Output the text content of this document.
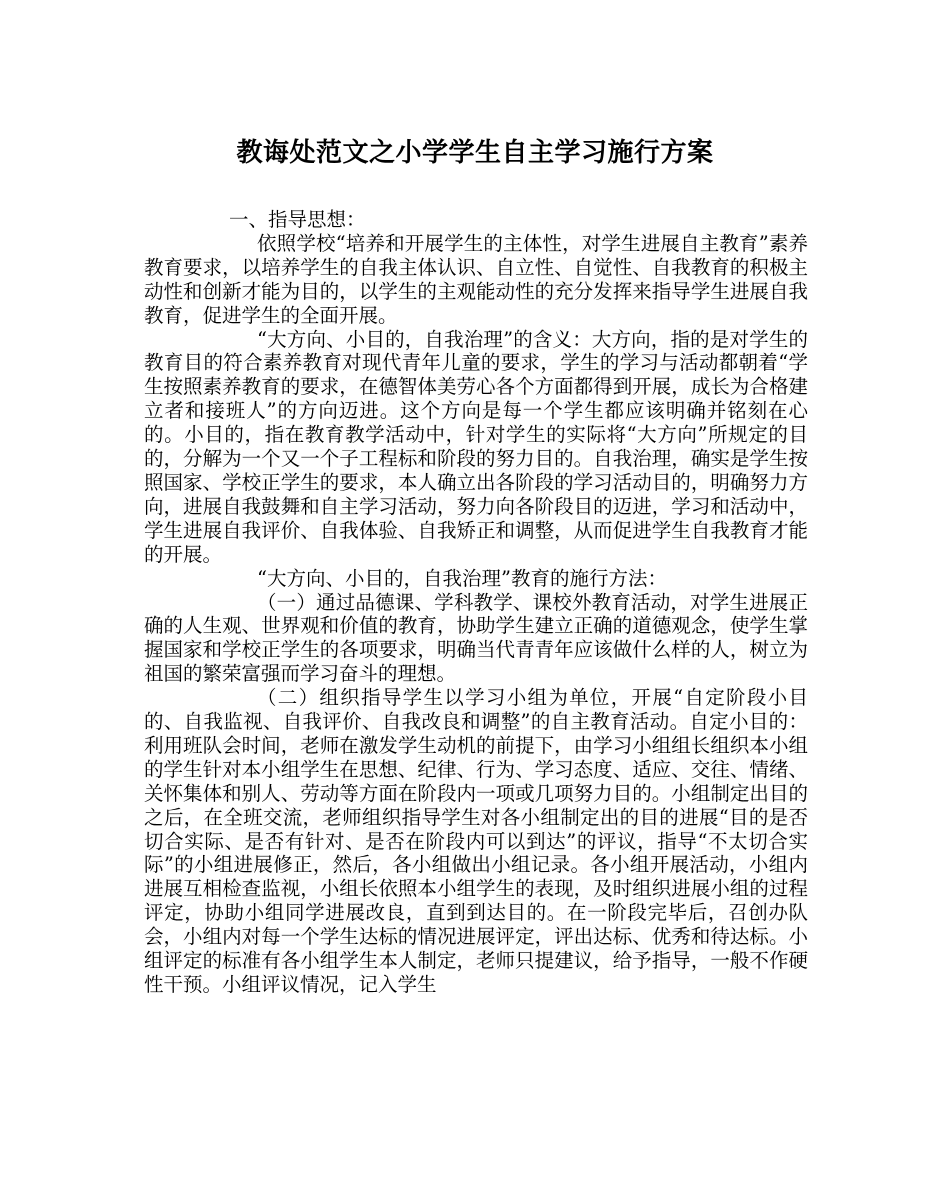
教诲处范文之小学学生自主学习施行方案

一、指导思想：

依照学校“培养和开展学生的主体性，对学生进展自主教育”素养教育要求，以培养学生的自我主体认识、自立性、自觉性、自我教育的积极主动性和创新才能为目的，以学生的主观能动性的充分发挥来指导学生进展自我教育，促进学生的全面开展。

“大方向、小目的，自我治理”的含义：大方向，指的是对学生的教育目的符合素养教育对现代青年儿童的要求，学生的学习与活动都朝着“学生按照素养教育的要求，在德智体美劳心各个方面都得到开展，成长为合格建立者和接班人”的方向迈进。这个方向是每一个学生都应该明确并铭刻在心的。小目的，指在教育教学活动中，针对学生的实际将“大方向”所规定的目的，分解为一个又一个子工程标和阶段的努力目的。自我治理，确实是学生按照国家、学校正学生的要求，本人确立出各阶段的学习活动目的，明确努力方向，进展自我鼓舞和自主学习活动，努力向各阶段目的迈进，学习和活动中，学生进展自我评价、自我体验、自我矫正和调整，从而促进学生自我教育才能的开展。

“大方向、小目的，自我治理”教育的施行方法：

（一）通过品德课、学科教学、课校外教育活动，对学生进展正确的人生观、世界观和价值的教育，协助学生建立正确的道德观念，使学生掌握国家和学校正学生的各项要求，明确当代青青年应该做什么样的人，树立为祖国的繁荣富强而学习奋斗的理想。

（二）组织指导学生以学习小组为单位，开展“自定阶段小目的、自我监视、自我评价、自我改良和调整”的自主教育活动。自定小目的：利用班队会时间，老师在激发学生动机的前提下，由学习小组组长组织本小组的学生针对本小组学生在思想、纪律、行为、学习态度、适应、交往、情绪、关怀集体和别人、劳动等方面在阶段内一项或几项努力目的。小组制定出目的之后，在全班交流，老师组织指导学生对各小组制定出的目的进展“目的是否切合实际、是否有针对、是否在阶段内可以到达”的评议，指导“不太切合实际”的小组进展修正，然后，各小组做出小组记录。各小组开展活动，小组内进展互相检查监视，小组长依照本小组学生的表现，及时组织进展小组的过程评定，协助小组同学进展改良，直到到达目的。在一阶段完毕后，召创办队会，小组内对每一个学生达标的情况进展评定，评出达标、优秀和待达标。小组评定的标准有各小组学生本人制定，老师只提建议，给予指导，一般不作硬性干预。小组评议情况，记入学生
